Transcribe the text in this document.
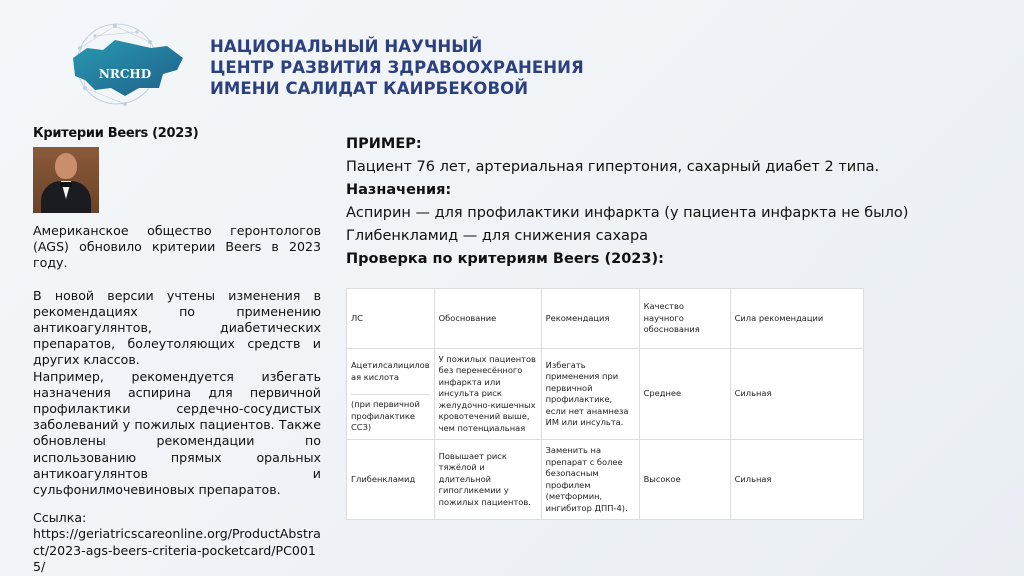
NRCHD
НАЦИОНАЛЬНЫЙ НАУЧНЫЙ
ЦЕНТР РАЗВИТИЯ ЗДРАВООХРАНЕНИЯ
ИМЕНИ САЛИДАТ КАИРБЕКОВОЙ
Критерии Beers (2023)

Американское общество геронтологов (AGS) обновило критерии Beers в 2023 году.

В новой версии учтены изменения в рекомендациях по применению антикоагулянтов, диабетических препаратов, болеутоляющих средств и других классов.

Например, рекомендуется избегать назначения аспирина для первичной профилактики сердечно-сосудистых заболеваний у пожилых пациентов. Также обновлены рекомендации по использованию прямых оральных антикоагулянтов и сульфонилмочевиновых препаратов.

Ссылка:

https://geriatricscareonline.org/ProductAbstract/2023-ags-beers-criteria-pocketcard/PC0015/

ПРИМЕР:
Пациент 76 лет, артериальная гипертония, сахарный диабет 2 типа.
Назначения:
Аспирин — для профилактики инфаркта (у пациента инфаркта не было)
Глибенкламид — для снижения сахара
Проверка по критериям Beers (2023):
ЛС	Обоснование	Рекомендация	Качество научного обоснования	Сила рекомендации

Ацетилсалицилов ая кислота
(при первичной профилактике ССЗ)	У пожилых пациентов без перенесённого инфаркта или инсульта риск желудочно-кишечных кровотечений выше, чем потенциальная	Избегать применения при первичной профилактике, если нет анамнеза ИМ или инсульта.	Среднее	Сильная
Глибенкламид	Повышает риск тяжёлой и длительной гипогликемии у пожилых пациентов.	Заменить на препарат с более безопасным профилем (метформин, ингибитор ДПП-4).	Высокое	Сильная
